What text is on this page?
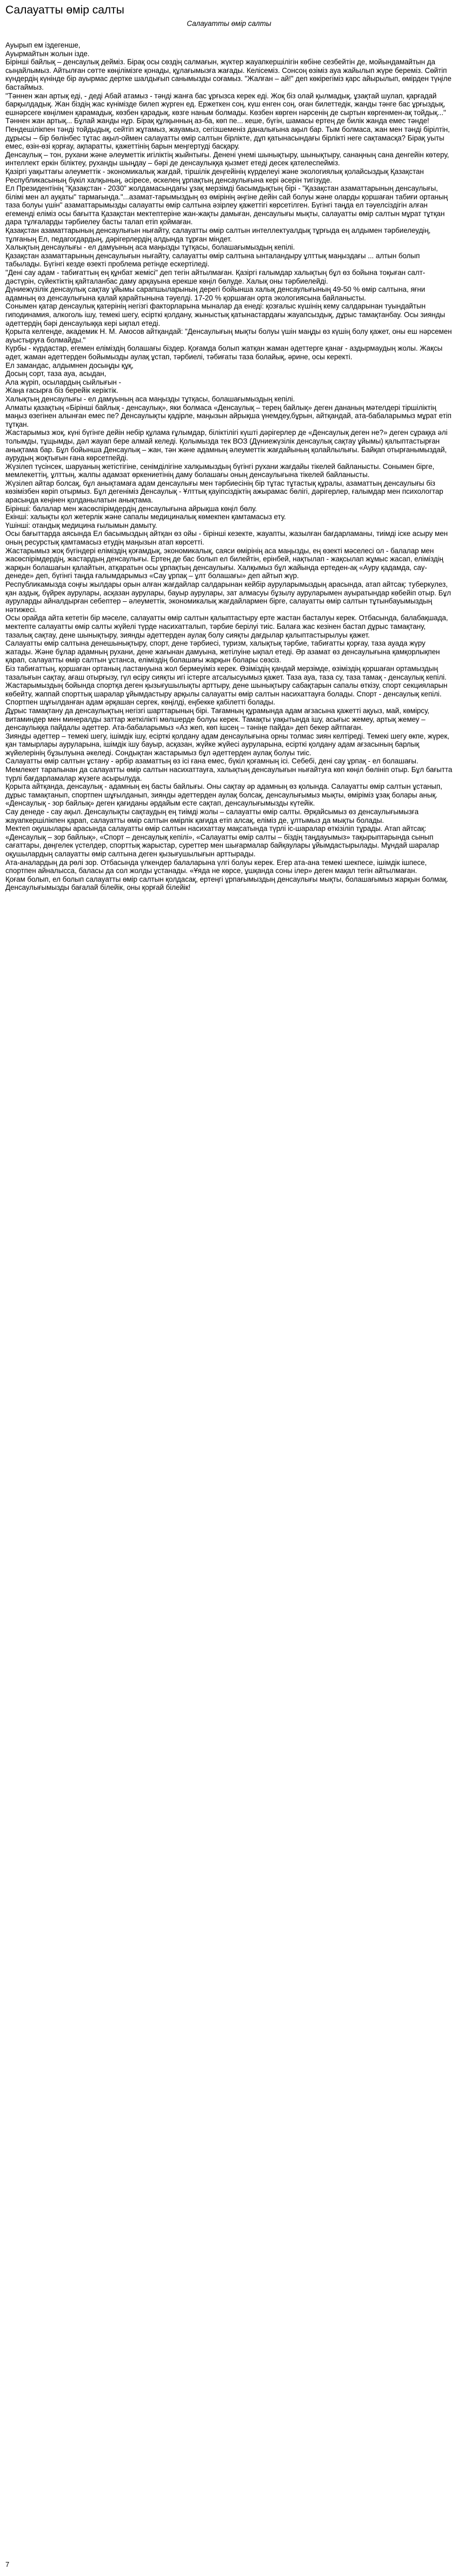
Салауатты өмір салты
Салауатты өмір салты

Ауырып ем іздегенше,

Ауырмайтын жолын ізде.

Бірінші байлық – денсаулық дейміз. Бірақ осы сөздің салмағын, жүктер жауапкершілігін көбіне сезбейтін де, мойындамайтын да сыңайлымыз. Айтылған сөтте көңілімізге қонады, құлағымызға жағады. Келісеміз. Сонсоң өзіміз ауа жайылып жүре береміз. Сөйтіп күндердің күнінде бір ауырмас дертке шалдығып санымызды соғамыз. "Жалған – ай!" деп көкірегіміз қарс айырылып, өмірден түңіле бастаймыз.

"Тәннен жан артық еді, - деді Абай атамыз - тәнді жанға бас ұрғызса керек еді. Жоқ біз олай қылмадық, ұзақтай шулап, қарғадай барқылдадық. Жан біздің жас күнімізде билеп жүрген ед. Ержеткен соң, күш енген соң, оған билеттедік, жанды тәнге бас ұрғыздық, ешнәрсеге көңілмен қарамадық, көзбен қарадық, көзге наным болмады. Көзбен көрген нәрсенің де сыртын көргенмен-ақ тойдық..." Тәннен жан артық... Бұлай жанды нұр. Бірақ құлқынның аз-ба, көп пе... кеше, бүгін, шамасы ертең де билік жанда емес тәнде! Пендешілікпен тәнді тойдыдық, сейтіп жұтамыз, жауамыз, сегізшеменіз даналығына ақыл бар. Тым болмаса, жан мен тәнді бірілтін, дұрысы – бір бөлінбес тұтас ақыл-оймен салауатты өмір салтын бірлікте, дұп қатынасындағы бірлікті неге сақтамасқа? Бірақ уыты емес, өзін-өзі қорғау, ақпаратты, қажеттінің барын меңгертуді басқару.

Денсаулық – тон, рухани және әлеуметтік игіліктің жыйнтығы. Денені үнемі шынықтыру, шынықтыру, санаңның сана денгейін көтеру, интеллект еркін біліктеу, руханды шыңдау – бәрі де денсаулыққа қызмет етеді десек қателеспейміз.

Қазіргі уақыттағы әлеуметтік - экономикалық жағдай, тіршілік деңгейінің күрделеуі және экологиялық қолайсыздық Қазақстан Республикасының бүкіл халқының, әсіресе, өскелең ұрпақтың денсаулығына кері әсерін тигізуде.

Ел Президентінің "Қазақстан - 2030" жолдамасындағы ұзақ мерзімді басымдықтың бірі - "Қазақстан азаматтарының денсаулығы, білімі мен ал ауқаты" тармағында."...азамат-тарымыздың өз өмірінің әңгіне дейін сай болуы және оларды қоршаған табиғи ортаның таза болуы үшін" азаматтарымызды салауатты өмір салтына әзірлеу қажеттігі көрсетілген. Бүгінгі таңда ел тәуелсіздігін алған егемендi еліміз осы бағытта Қазақстан мектептеріне жан-жақты дамыған, денсаулығы мықты, салауатты өмір салтын мұрат тұтқан дара тұлғаларды тәрбиелеу басты талап етіп қоймаған.

Қазақстан азаматтарының денсаулығын нығайту, салауатты өмір салтын интеллектуалдық тұрғыда ең алдымен тәрбиелеудің, тұлғаның Ел, педагогдардың, дәрігерлердің алдында тұрған міндет.

Халықтың денсаулығы - ел дамуының аса маңызды тұтқасы, болашағымыздың кепілі.

Қазақстан азаматтарының денсаулығын нығайту, салауатты өмір салтына ынталандыру ұлттық маңыздағы ... алтын болып табылады. Бүгінгі кезде өзекті проблема ретінде ескертіледі.

"Дені сау адам - табиғаттың ең құнбат жемісі" деп тегін айтылмаған. Қазіргі ғалымдар халықтың бұл өз бойына тоқыған салт-дәстүрін, сүйектіктің қайталанбас даму арқауына ерекше көңіл бөлуде. Халық оны тәрбиелейді.

Дүниежүзілік денсаулық сақтау ұйымы сарапшыларының дерегі бойынша халық денсаулығының 49-50 % өмір салтына, яғни адамның өз денсаулығына қалай қарайтынына тәуелді. 17-20 % қоршаған орта экологиясына байланысты.

Сонымен қатар денсаулық қатерінің негізгі факторларына мыналар да енеді: қозғалыс күшінің кему салдарынан туындайтын гиподинамия, алкоголь ішу, темекі шегу, есірткі қолдану, жыныстық қатынастардағы жауапсыздық, дұрыс тамақтанбау. Осы зиянды әдеттердің бәрі денсаулыққа кері ықпал етеді.

Қорыта келгенде, академик Н. М. Амосов айтқандай: "Денсаулығың мықты болуы үшін маңды өз күшің болу қажет, оны еш нәрсемен ауыстыруға болмайды."

Күрбы - күрдастар, егемен еліміздің болашағы біздер. Қоғамда болып жатқан жаман әдеттерге қанағ - аздырмаудың жолы. Жақсы әдет, жаман әдеттерден бойымызды аулақ ұстап, тәрбиелі, тәбиғаты таза болайық, әрине, осы керекті.

Ел замандас, алдымнен досыңды құқ,

Досың сорт, таза ауа, асыдан,

Ала жүріп, осылардың сыйлығын -

Жаңа ғасырға біз берейік керіктік.

Халықтың денсаулығы - ел дамуының аса маңызды тұтқасы, болашағымыздың кепілі.

Алматы қазақтың «Бірінші байлық - денсаулық», яки болмаса «Денсаулық – терең байлық» деген дананың мәтелдері тіршіліктің маңыз өзегінен алынған емес пе? Денсаулықты қадірле, маңызын айрықша үнемдеу,бұрын, айтқандай, ата-бабаларымыз мұрат етіп тұтқан.

Жастарымыз жоқ, күні бүгінге дейін небір құлама ғұлымдар, біліктілігі күшті дәрігерлер де «Денсаулық деген не?» деген сұраққа әлі толымды, тұщымды, дәл жауап бере алмай келеді. Қолымызда тек ВОЗ (Дүниежүзілік денсаулық сақтау ұйымы) қалыптастырған анықтама бар. Бұл бойынша Денсаулық – жан, тән және адамның әлеуметтік жағдайының қолайлылығы. Байқап отырғанымыздай, аурудың жоқтығын ғана көрсетпейді.

Жүзілеп түсінсек, шаруаның жетістігіне, сенімділігіне халқымыздың бүгінгі рухани жағдайы тікелей байланысты. Сонымен бірге, мемлекеттің, ұлттың, жалпы адамзат өркениетінің даму болашағы оның денсаулығына тікелей байланысты.

Жүзілеп айтар болсақ, бұл анықтамаға адам денсаулығы мен тәрбиесінің бір тұтас тұтастық құралы, азаматтың денсаулығы біз көзімізбен көріп отырмыз. Бұл дегеніміз Денсаулық - Ұлттық қауіпсіздіктің ажырамас бөлігі, дәрігерлер, ғалымдар мен психологтар арасында кеңінен қолданылатын анықтама.

Бірінші: балалар мен жасөспірімдердің денсаулығына айрықша көңіл бөлу.

Екінші: халықты қол жетерлік және сапалы медициналық көмекпен қамтамасыз ету.

Үшінші: отандық медицина ғылымын дамыту.

Осы бағыттарда аясында Ел басымыздың айтқан өз ойы - бірінші кезекте, жауапты, жазылған бағдарламаны, тиімді іске асыру мен оның ресурстық қамтамасыз етудің маңызын атап көрсетті.

Жастарымыз жоқ бүгіндері еліміздің қоғамдық, экономикалық, саяси өмірінің аса маңызды, ең өзекті мәселесі ол - балалар мен жасөспірімдердің, жастардың денсаулығы. Ертең де бас болып ел билейтін, ерінбей, нақтылап - жақсылап жұмыс жасап, еліміздің жарқын болашағын қалайтын, атқаратын осы ұрпақтың денсаулығы. Халқымыз бұл жайында ертеден-ақ «Ауру қадамда, сау- денеде» деп, бүгінгі таңда ғалымдарымыз «Сау ұрпақ – ұлт болашағы» деп айтып жүр.

Республикамызда соңғы жылдары орын алған жағдайлар салдарынан кейбір ауруларымыздың арасында, атап айтсақ: туберкулез, қан аздық, бүйрек аурулары, асқазан аурулары, бауыр аурулары, зат алмасуы бұзылу ауруларымен ауыратындар көбейіп отыр. Бұл ауруларды айналдырған себептер – әлеуметтік, экономикалық жағдайлармен бірге, салауатты өмір салтын тұтынбауымыздың нәтижесі.

Осы орайда айта кететін бір мәселе, салауатты өмір салтын қалыптастыру ерте жастан басталуы керек. Отбасында, балабақшада, мектепте салауатты өмір салты жүйелі түрде насихатталып, тәрбие берілуі тиіс. Балаға жас кезінен бастап дұрыс тамақтану, тазалық сақтау, дене шынықтыру, зиянды әдеттерден аулақ болу сияқты дағдылар қалыптастырылуы қажет.

Салауатты өмір салтына денешынықтыру, спорт, дене тәрбиесі, туризм, халықтық тәрбие, табиғатты қорғау, таза ауада жүру жатады. Және бұлар адамның рухани, дене жағынан дамуына, жетілуіне ықпал етеді. Әр азамат өз денсаулығына қамқорлықпен қарап, салауатты өмір салтын ұстанса, еліміздің болашағы жарқын болары сөзсіз.

Біз табиғаттың, қоршаған ортаның ластануына жол бермеуіміз керек. Өзіміздің қандай мерзімде, өзіміздің қоршаған ортамыздың тазалығын сақтау, ағаш отырғызу, гүл өсіру сияқты игі істерге атсалысуымыз қажет. Таза ауа, таза су, таза тамақ - денсаулық кепілі.

Жастарымыздың бойында спортқа деген қызығушылықты арттыру, дене шынықтыру сабақтарын сапалы өткізу, спорт секцияларын көбейту, жаппай спорттық шаралар ұйымдастыру арқылы салауатты өмір салтын насихаттауға болады. Спорт - денсаулық кепілі. Спортпен шұғылданған адам әрқашан сергек, көңілді, еңбекке қабілетті болады.

Дұрыс тамақтану да денсаулықтың негізгі шарттарының бірі. Тағамның құрамында адам ағзасына қажетті ақуыз, май, көмірсу, витаминдер мен минералды заттар жеткілікті мөлшерде болуы керек. Тамақты уақытында ішу, асығыс жемеу, артық жемеу – денсаулыққа пайдалы әдеттер. Ата-бабаларымыз «Аз жеп, көп ішсең – тәніңе пайда» деп бекер айтпаған.

Зиянды әдеттер – темекі шегу, ішімдік ішу, есірткі қолдану адам денсаулығына орны толмас зиян келтіреді. Темекі шегу өкпе, жүрек, қан тамырлары ауруларына, ішімдік ішу бауыр, асқазан, жүйке жүйесі ауруларына, есірткі қолдану адам ағзасының барлық жүйелерінің бұзылуына әкеледі. Сондықтан жастарымыз бұл әдеттерден аулақ болуы тиіс.

Салауатты өмір салтын ұстану - әрбір азаматтың өз ісі ғана емес, бүкіл қоғамның ісі. Себебі, дені сау ұрпақ - ел болашағы. Мемлекет тарапынан да салауатты өмір салтын насихаттауға, халықтың денсаулығын нығайтуға көп көңіл бөлініп отыр. Бұл бағытта түрлі бағдарламалар жүзеге асырылуда.

Қорыта айтқанда, денсаулық - адамның ең басты байлығы. Оны сақтау әр адамның өз қолында. Салауатты өмір салтын ұстанып, дұрыс тамақтанып, спортпен шұғылданып, зиянды әдеттерден аулақ болсақ, денсаулығымыз мықты, өміріміз ұзақ болары анық. «Денсаулық - зор байлық» деген қағиданы әрдайым есте сақтап, денсаулығымызды күтейік.

Сау денеде - сау ақыл. Денсаулықты сақтаудың ең тиімді жолы – салауатты өмір салты. Әрқайсымыз өз денсаулығымызға жауапкершілікпен қарап, салауатты өмір салтын өмірлік қағида етіп алсақ, еліміз де, ұлтымыз да мықты болады.

Мектеп оқушылары арасында салауатты өмір салтын насихаттау мақсатында түрлі іс-шаралар өткізіліп тұрады. Атап айтсақ: «Денсаулық – зор байлық», «Спорт – денсаулық кепілі», «Салауатты өмір салты – біздің таңдауымыз» тақырыптарында сынып сағаттары, дөңгелек үстелдер, спорттық жарыстар, суреттер мен шығармалар байқаулары ұйымдастырылады. Мұндай шаралар оқушылардың салауатты өмір салтына деген қызығушылығын арттырады.

Ата-аналардың да рөлі зор. Отбасында үлкендер балаларына үлгі болуы керек. Егер ата-ана темекі шекпесе, ішімдік ішпесе, спортпен айналысса, баласы да сол жолды ұстанады. «Ұяда не көрсе, ұшқанда соны ілер» деген мақал тегін айтылмаған.

Қоғам болып, ел болып салауатты өмір салтын қолдасақ, ертеңгі ұрпағымыздың денсаулығы мықты, болашағымыз жарқын болмақ. Денсаулығымызды бағалай білейік, оны қорғай білейік!

7
